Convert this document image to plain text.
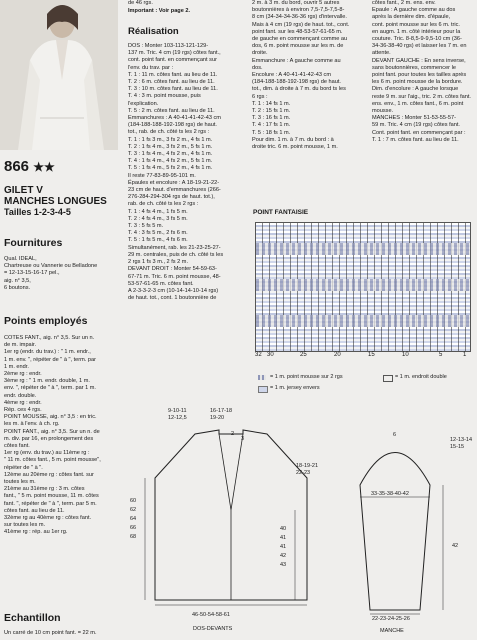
866 ★★
GILET V
MANCHES LONGUES
Tailles 1-2-3-4-5
Fournitures
Qual. IDEAL,
Chartreuse ou Vannerie ou Belladone
= 12-13-15-16-17 pel.,
aig. n° 3,5,
6 boutons.
Points employés
CÔTES FANT., aig. n° 3,5. Sur un n.
de m. impair.
1er rg (endr. du trav.) : " 1 m. endr.,
1 m. env. ", répéter de " à ", term. par
1 m. endr.
2ème rg : endr.
3ème rg : " 1 m. endr. double, 1 m.
env. ", répéter de " à ", term. par 1 m.
endr. double.
4ème rg : endr.
Rép. ces 4 rgs.
POINT MOUSSE, aig. n° 3,5 : en tric.
les m. à l'env. à ch. rg.
POINT FANT., aig. n° 3,5. Sur un n. de
m. div. par 16, en prolongement des
côtes fant.
1er rg (env. du trav.) au 11ème rg :
" 11 m. côtes fant., 5 m. point mousse",
répéter de " à ".
12ème au 20ème rg : côtes fant. sur
toutes les m.
21ème au 31ème rg : 3 m. côtes
fant., " 5 m. point mousse, 11 m. côtes
fant. ", répéter de " à ", term. par 5 m.
côtes fant. au lieu de 11.
32ème rg au 40ème rg : côtes fant.
sur toutes les m.
41ème rg : rép. au 1er rg.
Echantillon
Un carré de 10 cm point fant. = 22 m.
de 46 rgs.
Important : Voir page 2.
Réalisation
DOS : Monter 103-113-121-129-
137 m. Tric. 4 cm (19 rgs) côtes fant.,
cont. point fant. en commençant sur
l'env. du trav. par :
T. 1 : 11 m. côtes fant. au lieu de 11.
T. 2 : 6 m. côtes fant. au lieu de 11.
T. 3 : 10 m. côtes fant. au lieu de 11.
T. 4 : 3 m. point mousse, puis
l'explication.
T. 5 : 2 m. côtes fant. au lieu de 11.
Emmanchures : A 40-41-41-42-43 cm
(184-188-188-192-198 rgs) de haut.
tot., rab. de ch. côté ts les 2 rgs :
T. 1 : 1 fs 3 m., 3 fs 2 m., 4 fs 1 m.
T. 2 : 1 fs 4 m., 3 fs 2 m., 5 fs 1 m.
T. 3 : 1 fs 4 m., 4 fs 2 m., 4 fs 1 m.
T. 4 : 1 fs 4 m., 4 fs 2 m., 5 fs 1 m.
T. 5 : 1 fs 4 m., 5 fs 2 m., 4 fs 1 m.
Il reste 77-83-89-95-101 m.
Épaules et encolure : A 18-19-21-22-
23 cm de haut. d'emmanchures (266-
276-284-294-304 rgs de haut. tot.),
rab. de ch. côté ts les 2 rgs :
T. 1 : 4 fs 4 m., 1 fs 5 m.
T. 2 : 4 fs 4 m., 3 fs 5 m.
T. 3 : 5 fs 5 m.
T. 4 : 3 fs 5 m., 2 fs 6 m.
T. 5 : 1 fs 5 m., 4 fs 6 m.
Simultanément, rab. les 21-23-25-27-
29 m. centrales, puis de ch. côté ts les
2 rgs 1 fs 3 m., 2 fs 2 m.
DEVANT DROIT : Monter 54-59-63-
67-71 m. Tric. 6 m. point mousse, 48-
53-57-61-65 m. côtes fant.
A 2-3-3-2-3 cm (10-14-14-10-14 rgs)
de haut. tot., cont. 1 boutonnière de
2 m. à 3 m. du bord, ouvrir 5 autres
boutonnières à environ 7,5-7,5-7,5-8-
8 cm (34-34-34-36-36 rgs) d'intervalle.
Mais à 4 cm (19 rgs) de haut. tot., cont.
point fant. sur les 48-53-57-61-65 m.
de gauche en commençant comme au
dos, 6 m. point mousse sur les m. de
droite.
Emmanchure : A gauche comme au
dos.
Encolure : A 40-41-41-42-43 cm
(184-188-188-192-198 rgs) de haut.
tot., dim. à droite à 7 m. du bord ts les
6 rgs :
T. 1 : 14 fs 1 m.
T. 2 : 15 fs 1 m.
T. 3 : 16 fs 1 m.
T. 4 : 17 fs 1 m.
T. 5 : 18 fs 1 m.
Pour dim. 1 m. à 7 m. du bord : à
droite tric. 6 m. point mousse, 1 m.
côtes fant., 2 m. ens. env.
Epaule : A gauche comme au dos
après la dernière dim. d'épaule,
cont. point mousse sur les 6 m. tric.
en augm. 1 m. côté intérieur pour la
couture. Tric. 8-8,5-9-9,5-10 cm (36-
34-36-38-40 rgs) et laisser les 7 m. en
attente.
DEVANT GAUCHE : En sens inverse,
sans boutonnières, commencer le
point fant. pour toutes les tailles après
les 6 m. point mousse de la bordure.
Dim. d'encolure : A gauche lorsque
reste 9 m. sur l'aig., tric. 2 m. côtes fant.
ens. env., 1 m. côtes fant., 6 m. point
mousse.
MANCHES : Monter 51-53-55-57-
59 m. Tric. 4 cm (19 rgs) côtes fant.
Cont. point fant. en commençant par :
T. 1 : 7 m. côtes fant. au lieu de 11.
POINT FANTAISIE
32 30	25	20	15	10	5	1
= 1 m. point mousse sur 2 rgs	= 1 m. endroit double
= 1 m. jersey envers
9-10-11
12-12,5
16-17-18
19-20
2
3
18-19-21
22-23
60
62
64
66
68
40
41
41
42
43
46-50-54-58-61
DOS-DEVANTS
6
33-35-38-40-42
12-13-14
15-15
42
22-23-24-25-26
MANCHE
